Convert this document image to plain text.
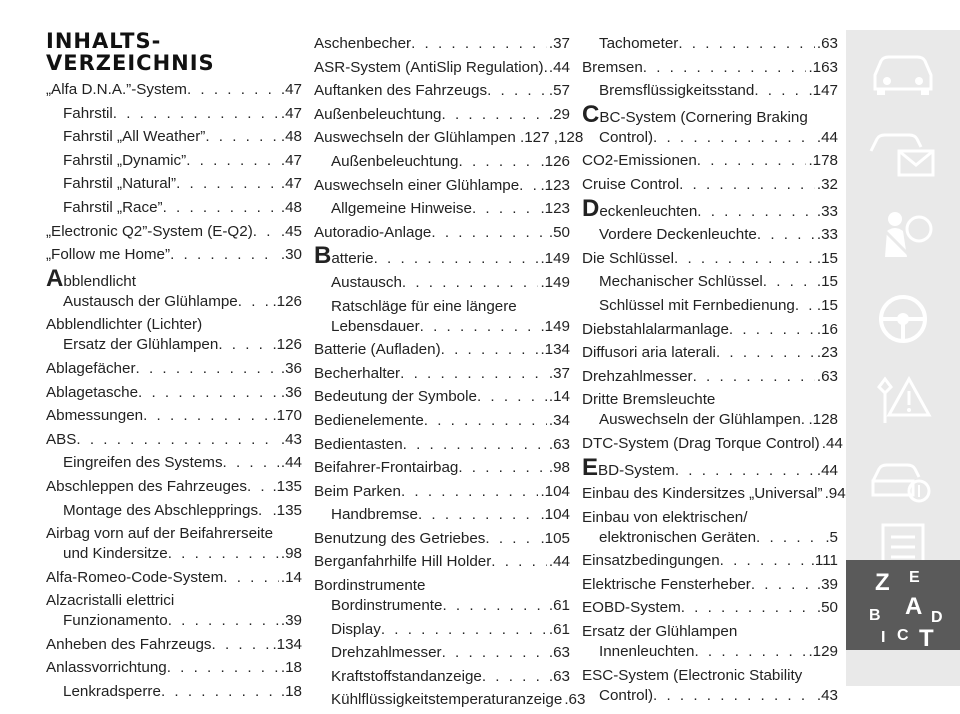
INHALTS-
VERZEICHNIS
„Alfa D.N.A.”-System . . .	.47
Fahrstil . . .	.47
Fahrstil „All Weather” . . .	.48
Fahrstil „Dynamic” . . .	.47
Fahrstil „Natural” . . .	.47
Fahrstil „Race” . . .	.48
„Electronic Q2”-System (E-Q2) . . . .45
„Follow me Home” . . .	.30
Abblendlicht
Austausch der Glühlampe . . . .126
Abblendlichter (Lichter)
Ersatz der Glühlampen . . .	.126
Ablagefächer . . .	.36
Ablagetasche . . .	.36
Abmessungen . . .	.170
ABS . . .	.43
Eingreifen des Systems . . .	.44
Abschleppen des Fahrzeuges . . . .135
Montage des Abschlepprings . . . .135
Airbag vorn auf der Beifahrerseite
und Kindersitze . . .	.98
Alfa-Romeo-Code-System . . .	.14
Alzacristalli elettrici
Funzionamento . . .	.39
Anheben des Fahrzeugs . . .	.134
Anlassvorrichtung . . .	.18
Lenkradsperre . . .	.18
Aschenbecher . . .	.37
ASR-System (AntiSlip Regulation) . . . .44
Auftanken des Fahrzeugs . . .	.57
Außenbeleuchtung . . .	.29
Auswechseln der Glühlampen .127 ,128
Außenbeleuchtung . . .	.126
Auswechseln einer Glühlampe . . . .123
Allgemeine Hinweise . . .	.123
Autoradio-Anlage . . .	.50
Batterie . . .	.149
Austausch . . .	.149
Ratschläge für eine längere
Lebensdauer . . .	.149
Batterie (Aufladen) . . .	.134
Becherhalter . . .	.37
Bedeutung der Symbole . . .	.14
Bedienelemente . . .	.34
Bedientasten . . .	.63
Beifahrer-Frontairbag . . .	.98
Beim Parken . . .	.104
Handbremse . . .	.104
Benutzung des Getriebes . . .	.105
Berganfahrhilfe Hill Holder . . .	.44
Bordinstrumente
Bordinstrumente . . .	.61
Display . . .	.61
Drehzahlmesser . . .	.63
Kraftstoffstandanzeige . . .	.63
Kühlflüssigkeitstemperaturanzeige .63
Tachometer . . .	.63
Bremsen . . .	.163
Bremsflüssigkeitsstand . . .	.147
CBC-System (Cornering Braking
Control) . . .	.44
CO2-Emissionen . . .	.178
Cruise Control . . .	.32
Deckenleuchten . . .	.33
Vordere Deckenleuchte . . .	.33
Die Schlüssel . . .	.15
Mechanischer Schlüssel . . .	.15
Schlüssel mit Fernbedienung . . . .15
Diebstahlalarmanlage . . .	.16
Diffusori aria laterali . . .	.23
Drehzahlmesser . . .	.63
Dritte Bremsleuchte
Auswechseln der Glühlampen . . . .128
DTC-System (Drag Torque Control) .44
EBD-System . . .	.44
Einbau des Kindersitzes „Universal” .94
Einbau von elektrischen/
elektronischen Geräten . . .	.5
Einsatzbedingungen . . .	.111
Elektrische Fensterheber . . .	.39
EOBD-System . . .	.50
Ersatz der Glühlampen
Innenleuchten . . .	.129
ESC-System (Electronic Stability
Control) . . .	.43
Z E
B A D
I C T
